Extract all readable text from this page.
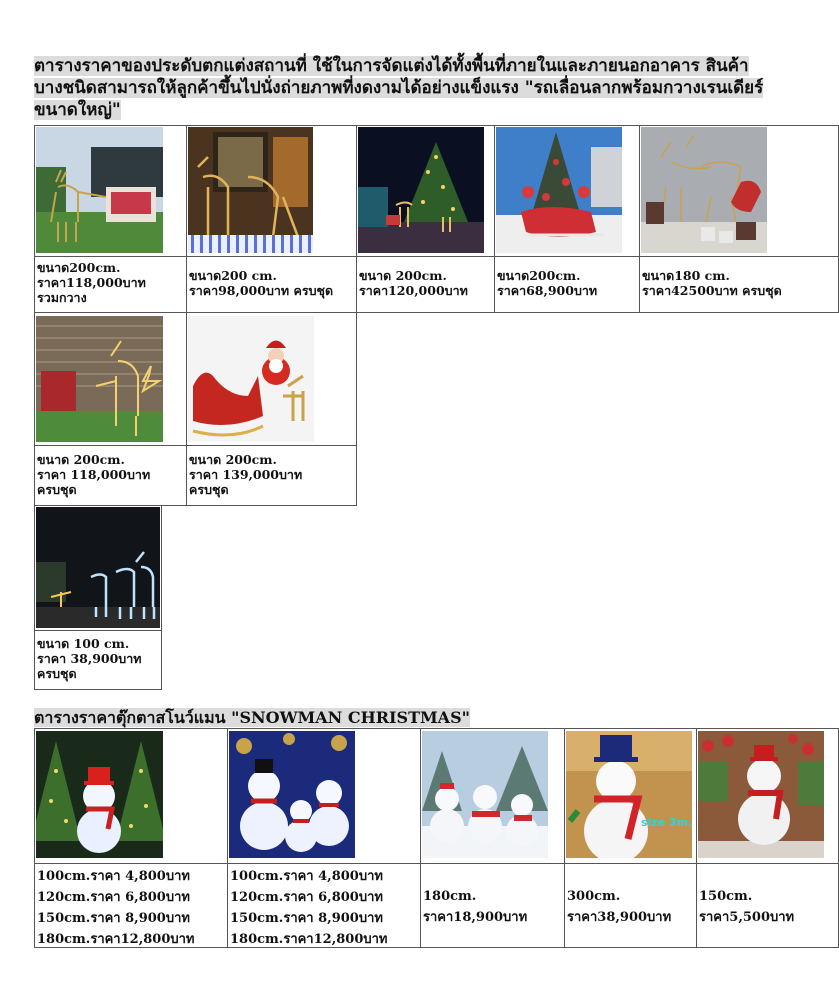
ตารางราคาของประดับตกแต่งสถานที่ ใช้ในการจัดแต่งได้ทั้งพื้นที่ภายในและภายนอกอาคาร สินค้าบางชนิดสามารถให้ลูกค้าขึ้นไปนั่งถ่ายภาพที่งดงามได้อย่างแข็งแรง "รถเลื่อนลากพร้อมกวางเรนเดียร์ขนาดใหญ่"
ขนาด200cm.
ราคา118,000บาท
รวมกวาง
ขนาด200 cm.
ราคา98,000บาท ครบชุด
ขนาด 200cm.
ราคา120,000บาท
ขนาด200cm.
ราคา68,900บาท
ขนาด180 cm.
ราคา42500บาท ครบชุด
ขนาด 200cm.
ราคา 118,000บาท
ครบชุด
ขนาด 200cm.
ราคา 139,000บาท
ครบชุด
ขนาด 100 cm.
ราคา 38,900บาท
ครบชุด
ตารางราคาตุ๊กตาสโนว์แมน "SNOWMAN CHRISTMAS"
size 3m.
100cm.ราคา 4,800บาท
120cm.ราคา 6,800บาท
150cm.ราคา 8,900บาท
180cm.ราคา12,800บาท
100cm.ราคา 4,800บาท
120cm.ราคา 6,800บาท
150cm.ราคา 8,900บาท
180cm.ราคา12,800บาท
180cm.
ราคา18,900บาท
300cm.
ราคา38,900บาท
150cm.
ราคา5,500บาท
